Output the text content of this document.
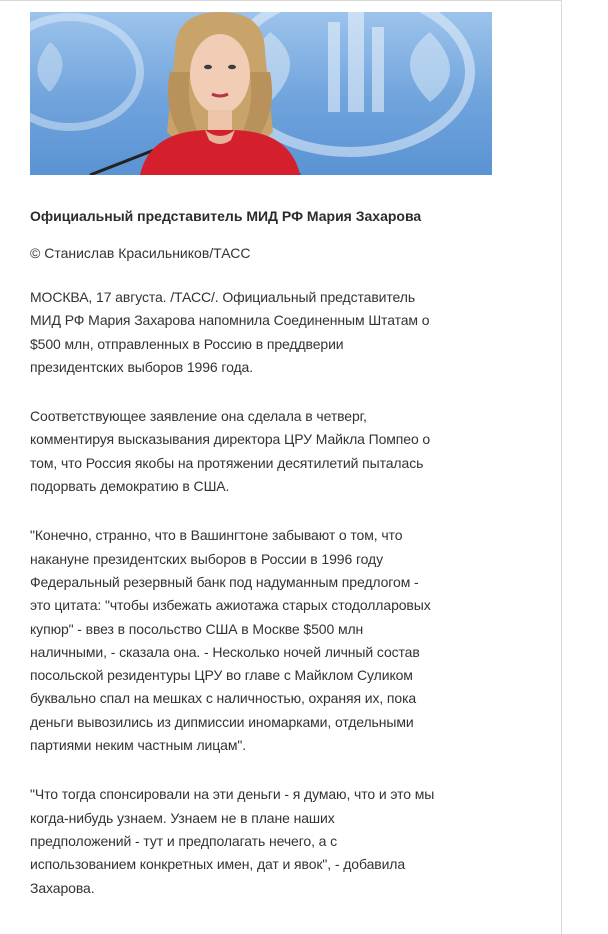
Официальный представитель МИД РФ Мария Захарова

© Станислав Красильников/ТАСС

МОСКВА, 17 августа. /ТАСС/. Официальный представитель
МИД РФ Мария Захарова напомнила Соединенным Штатам о
$500 млн, отправленных в Россию в преддверии
президентских выборов 1996 года.

Соответствующее заявление она сделала в четверг,
комментируя высказывания директора ЦРУ Майкла Помпео о
том, что Россия якобы на протяжении десятилетий пыталась
подорвать демократию в США.

"Конечно, странно, что в Вашингтоне забывают о том, что
накануне президентских выборов в России в 1996 году
Федеральный резервный банк под надуманным предлогом -
это цитата: "чтобы избежать ажиотажа старых стодолларовых
купюр" - ввез в посольство США в Москве $500 млн
наличными, - сказала она. - Несколько ночей личный состав
посольской резидентуры ЦРУ во главе с Майклом Суликом
буквально спал на мешках с наличностью, охраняя их, пока
деньги вывозились из дипмиссии иномарками, отдельными
партиями неким частным лицам".

"Что тогда спонсировали на эти деньги - я думаю, что и это мы
когда-нибудь узнаем. Узнаем не в плане наших
предположений - тут и предполагать нечего, а с
использованием конкретных имен, дат и явок", - добавила
Захарова.
